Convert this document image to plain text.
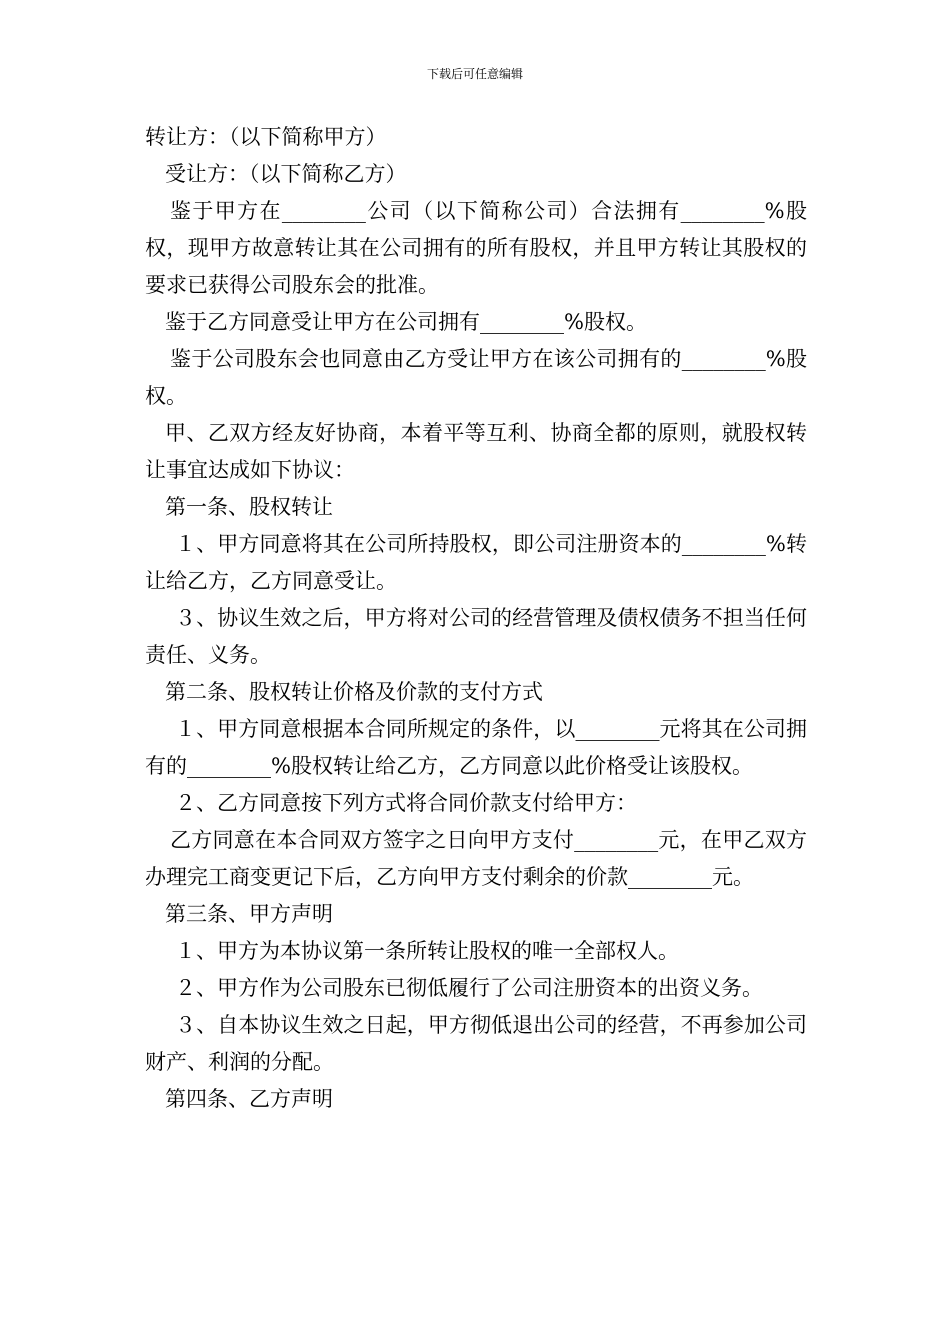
下载后可任意编辑

转让方：（以下简称甲方）

受让方：（以下简称乙方）

鉴于甲方在________公司（以下简称公司）合法拥有________%股权，现甲方故意转让其在公司拥有的所有股权，并且甲方转让其股权的要求已获得公司股东会的批准。

鉴于乙方同意受让甲方在公司拥有________%股权。

鉴于公司股东会也同意由乙方受让甲方在该公司拥有的________%股权。

甲、乙双方经友好协商，本着平等互利、协商全都的原则，就股权转让事宜达成如下协议：

第一条、股权转让

１、甲方同意将其在公司所持股权，即公司注册资本的________%转让给乙方，乙方同意受让。

３、协议生效之后，甲方将对公司的经营管理及债权债务不担当任何责任、义务。

第二条、股权转让价格及价款的支付方式

１、甲方同意根据本合同所规定的条件，以________元将其在公司拥有的________%股权转让给乙方，乙方同意以此价格受让该股权。

２、乙方同意按下列方式将合同价款支付给甲方：

乙方同意在本合同双方签字之日向甲方支付________元，在甲乙双方办理完工商变更记下后，乙方向甲方支付剩余的价款________元。

第三条、甲方声明

１、甲方为本协议第一条所转让股权的唯一全部权人。

２、甲方作为公司股东已彻低履行了公司注册资本的出资义务。

３、自本协议生效之日起，甲方彻低退出公司的经营，不再参加公司财产、利润的分配。

第四条、乙方声明
